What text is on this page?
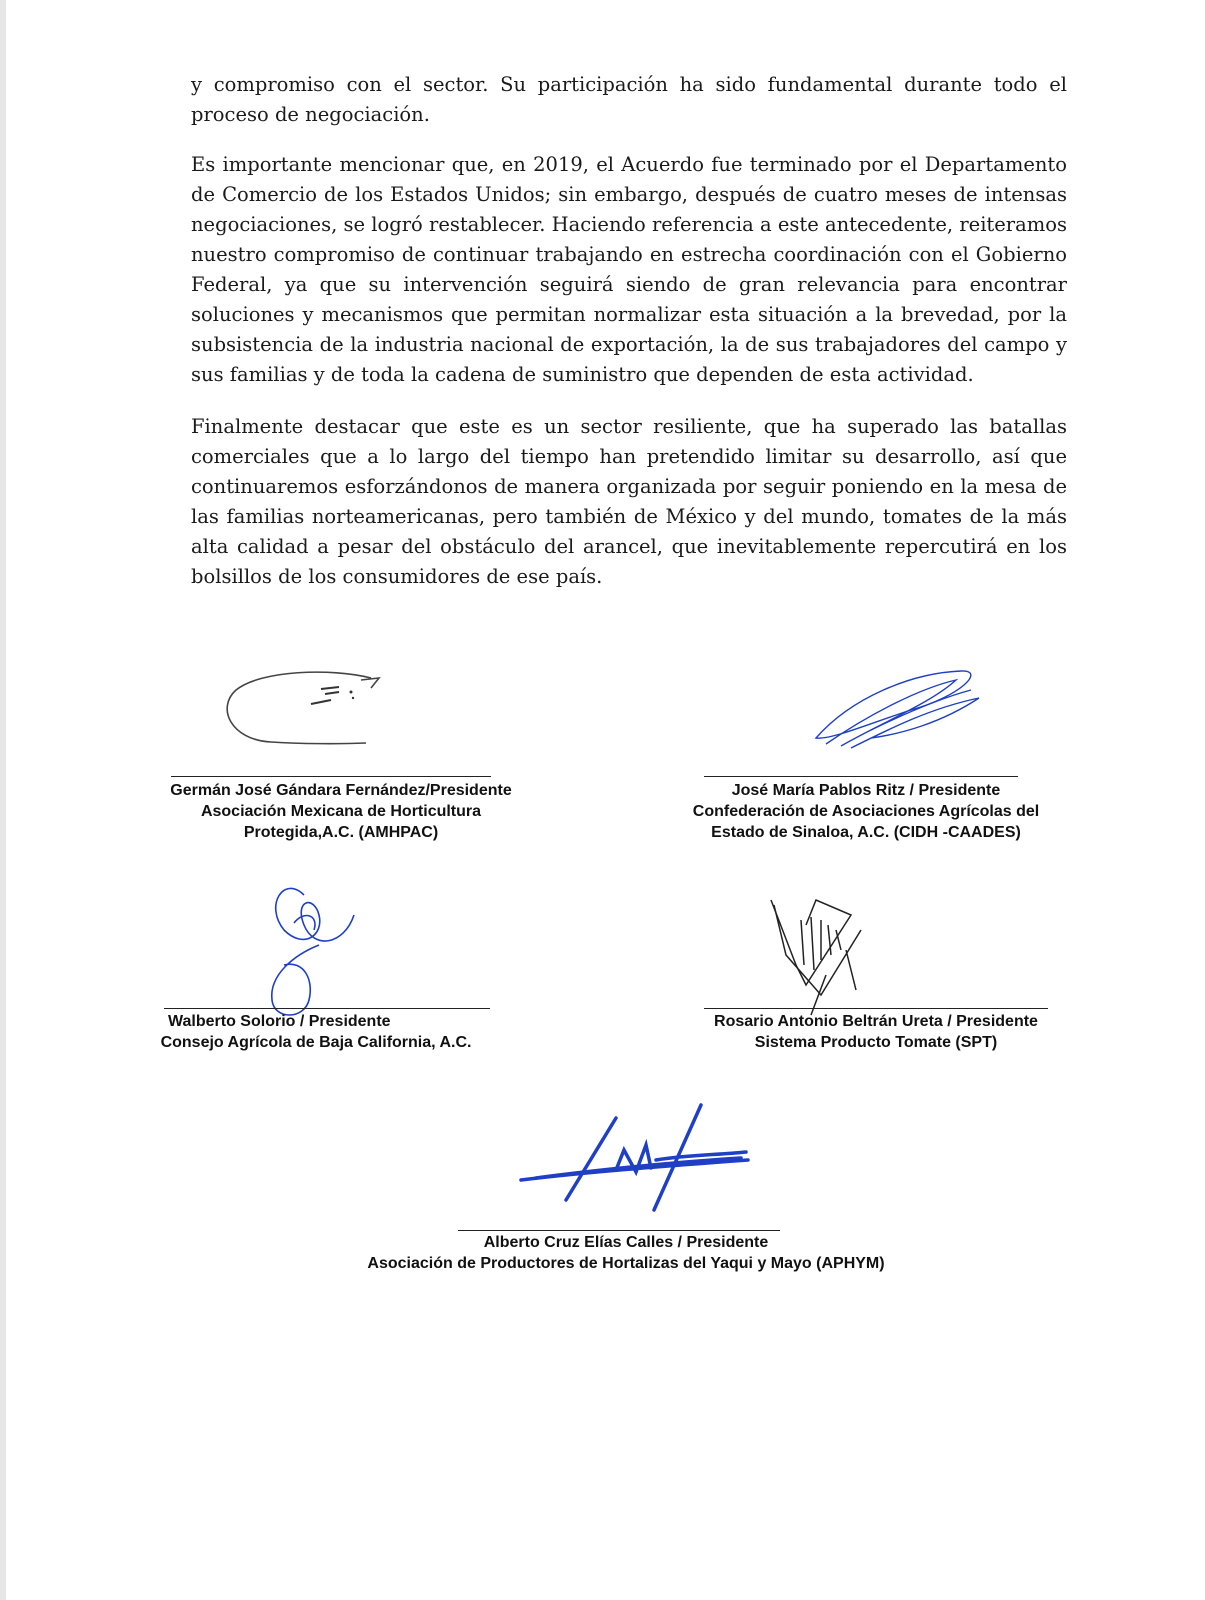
y compromiso con el sector. Su participación ha sido fundamental durante todo el proceso de negociación.

Es importante mencionar que, en 2019, el Acuerdo fue terminado por el Departamento de Comercio de los Estados Unidos; sin embargo, después de cuatro meses de intensas negociaciones, se logró restablecer. Haciendo referencia a este antecedente, reiteramos nuestro compromiso de continuar trabajando en estrecha coordinación con el Gobierno Federal, ya que su intervención seguirá siendo de gran relevancia para encontrar soluciones y mecanismos que permitan normalizar esta situación a la brevedad, por la subsistencia de la industria nacional de exportación, la de sus trabajadores del campo y sus familias y de toda la cadena de suministro que dependen de esta actividad.

Finalmente destacar que este es un sector resiliente, que ha superado las batallas comerciales que a lo largo del tiempo han pretendido limitar su desarrollo, así que continuaremos esforzándonos de manera organizada por seguir poniendo en la mesa de las familias norteamericanas, pero también de México y del mundo, tomates de la más alta calidad a pesar del obstáculo del arancel, que inevitablemente repercutirá en los bolsillos de los consumidores de ese país.

Germán José Gándara Fernández/Presidente
Asociación Mexicana de Horticultura
Protegida,A.C. (AMHPAC)
José María Pablos Ritz / Presidente
Confederación de Asociaciones Agrícolas del
Estado de Sinaloa, A.C. (CIDH -CAADES)
Walberto Solorio / Presidente
Consejo Agrícola de Baja California, A.C.
Rosario Antonio Beltrán Ureta / Presidente
Sistema Producto Tomate (SPT)
Alberto Cruz Elías Calles / Presidente
Asociación de Productores de Hortalizas del Yaqui y Mayo (APHYM)
